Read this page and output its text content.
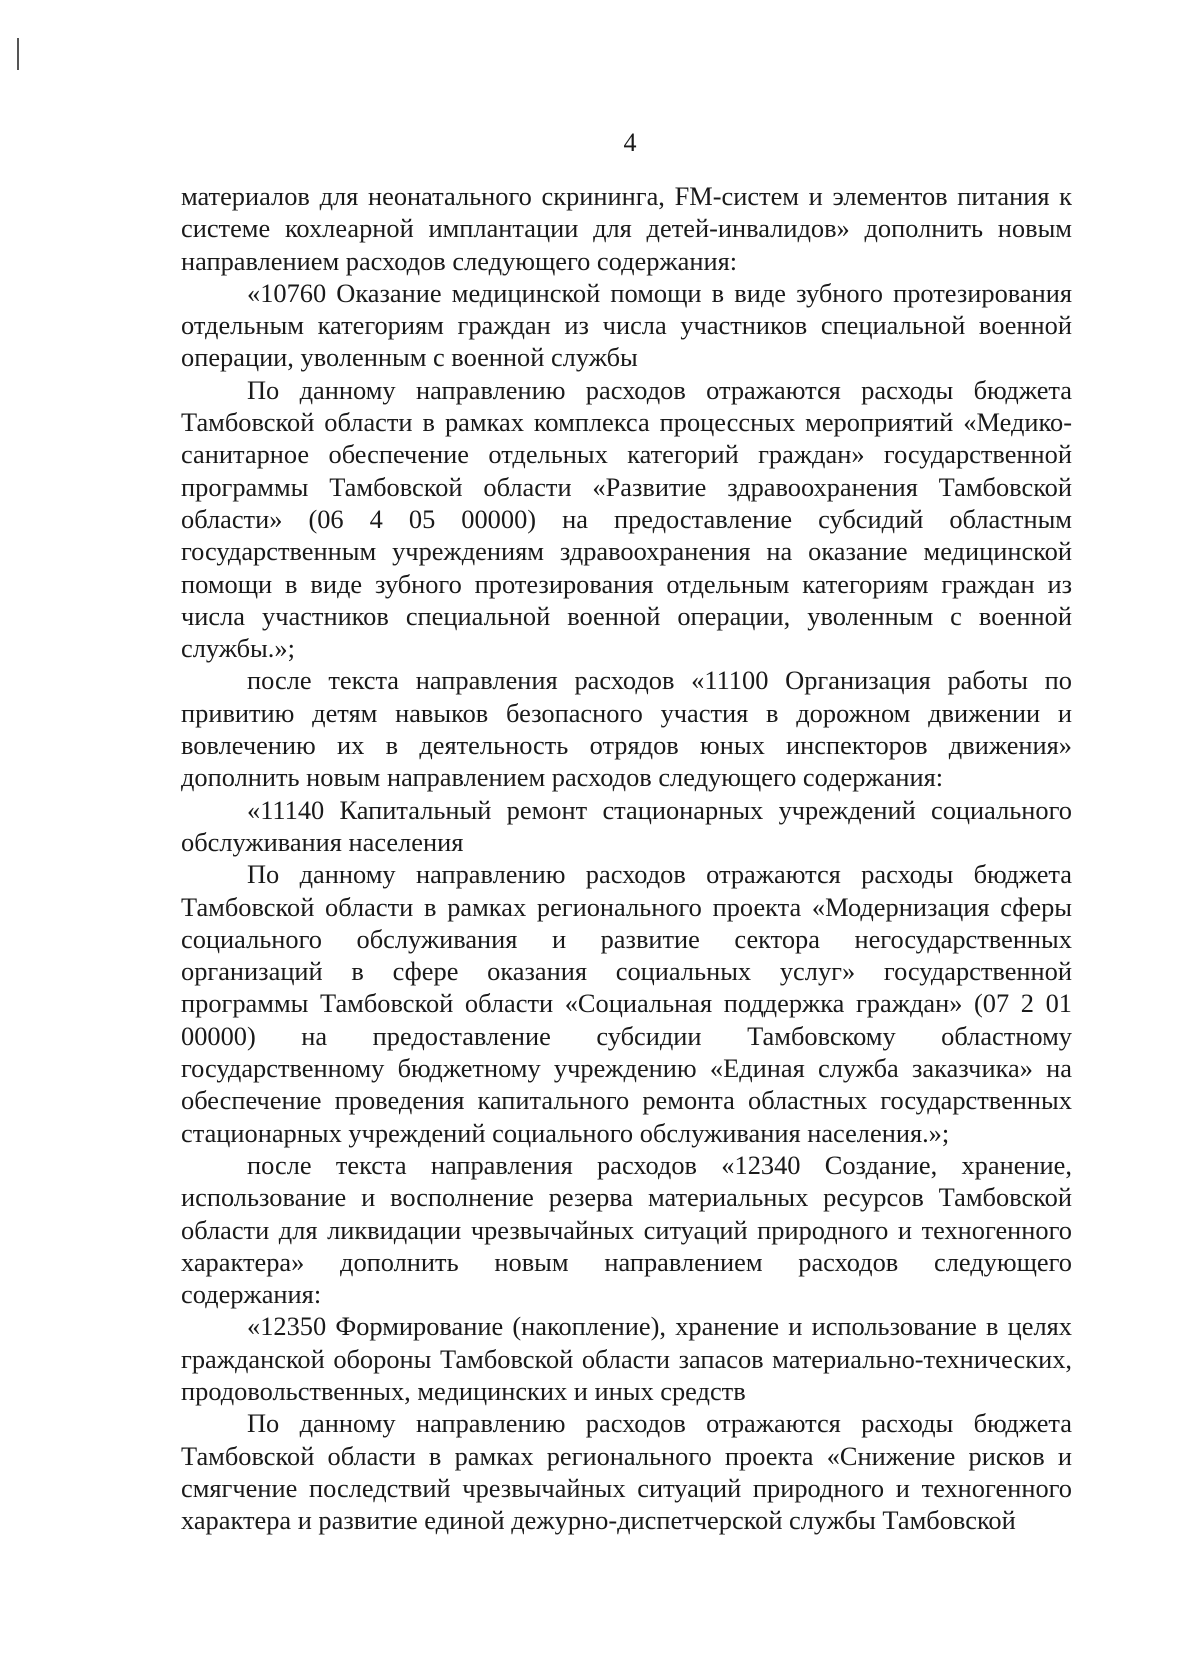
4

материалов для неонатального скрининга, FM-систем и элементов питания к системе кохлеарной имплантации для детей-инвалидов» дополнить новым направлением расходов следующего содержания:

«10760 Оказание медицинской помощи в виде зубного протезирования отдельным категориям граждан из числа участников специальной военной операции, уволенным с военной службы

По данному направлению расходов отражаются расходы бюджета Тамбовской области в рамках комплекса процессных мероприятий «Медико-санитарное обеспечение отдельных категорий граждан» государственной программы Тамбовской области «Развитие здравоохранения Тамбовской области» (06 4 05 00000) на предоставление субсидий областным государственным учреждениям здравоохранения на оказание медицинской помощи в виде зубного протезирования отдельным категориям граждан из числа участников специальной военной операции, уволенным с военной службы.»;

после текста направления расходов «11100 Организация работы по привитию детям навыков безопасного участия в дорожном движении и вовлечению их в деятельность отрядов юных инспекторов движения» дополнить новым направлением расходов следующего содержания:

«11140 Капитальный ремонт стационарных учреждений социального обслуживания населения

По данному направлению расходов отражаются расходы бюджета Тамбовской области в рамках регионального проекта «Модернизация сферы социального обслуживания и развитие сектора негосударственных организаций в сфере оказания социальных услуг» государственной программы Тамбовской области «Социальная поддержка граждан» (07 2 01 00000) на предоставление субсидии Тамбовскому областному государственному бюджетному учреждению «Единая служба заказчика» на обеспечение проведения капитального ремонта областных государственных стационарных учреждений социального обслуживания населения.»;

после текста направления расходов «12340 Создание, хранение, использование и восполнение резерва материальных ресурсов Тамбовской области для ликвидации чрезвычайных ситуаций природного и техногенного характера» дополнить новым направлением расходов следующего содержания:

«12350 Формирование (накопление), хранение и использование в целях гражданской обороны Тамбовской области запасов материально-технических, продовольственных, медицинских и иных средств

По данному направлению расходов отражаются расходы бюджета Тамбовской области в рамках регионального проекта «Снижение рисков и смягчение последствий чрезвычайных ситуаций природного и техногенного характера и развитие единой дежурно-диспетчерской службы Тамбовской
